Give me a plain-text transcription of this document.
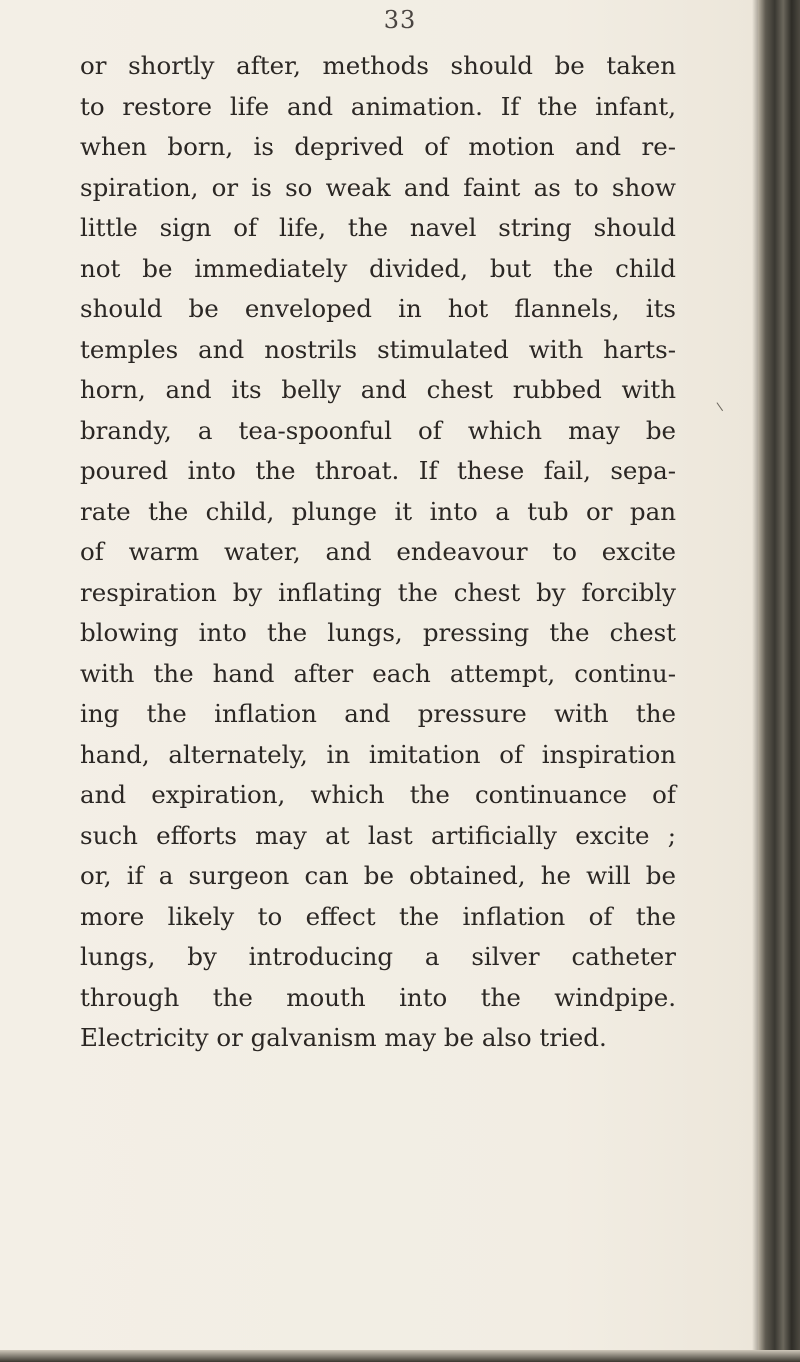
33
or shortly after, methods should be taken
to restore life and animation. If the infant,
when born, is deprived of motion and re-
spiration, or is so weak and faint as to show
little sign of life, the navel string should
not be immediately divided, but the child
should be enveloped in hot flannels, its
temples and nostrils stimulated with harts-
horn, and its belly and chest rubbed with
brandy, a tea-spoonful of which may be
poured into the throat. If these fail, sepa-
rate the child, plunge it into a tub or pan
of warm water, and endeavour to excite
respiration by inflating the chest by forcibly
blowing into the lungs, pressing the chest
with the hand after each attempt, continu-
ing the inflation and pressure with the
hand, alternately, in imitation of inspiration
and expiration, which the continuance of
such efforts may at last artificially excite ;
or, if a surgeon can be obtained, he will be
more likely to effect the inflation of the
lungs, by introducing a silver catheter
through the mouth into the windpipe.
Electricity or galvanism may be also tried.
